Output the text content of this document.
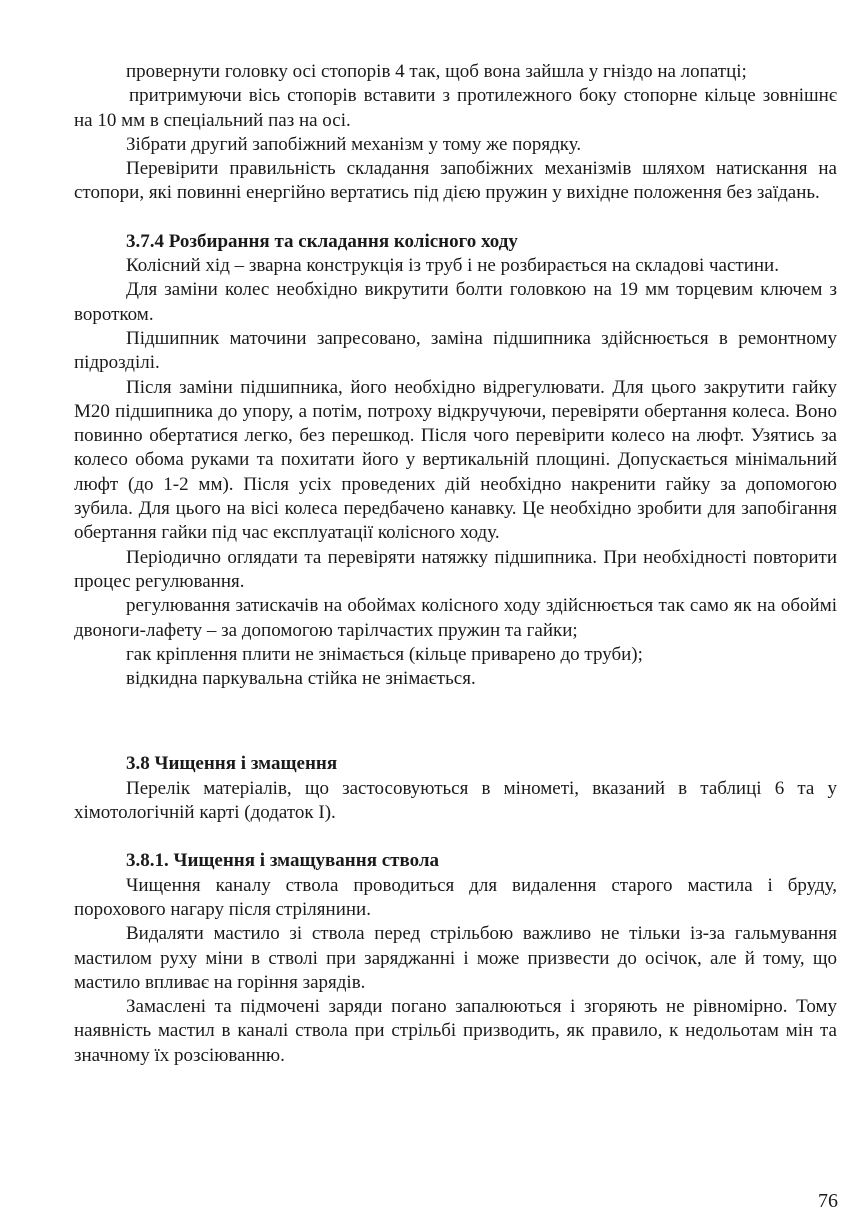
провернути головку осі стопорів 4 так, щоб вона зайшла у гніздо на лопатці;

притримуючи вісь стопорів вставити з протилежного боку стопорне кільце зовнішнє на 10 мм в спеціальний паз на осі.

Зібрати другий запобіжний механізм у тому же порядку.

Перевірити правильність складання запобіжних механізмів шляхом натискання на стопори, які повинні енергійно вертатись під дією пружин у вихідне положення без заїдань.

3.7.4 Розбирання та складання колісного ходу

Колісний хід – зварна конструкція із труб і не розбирається на складові частини.

Для заміни колес необхідно викрутити болти головкою на 19 мм торцевим ключем з воротком.

Підшипник маточини запресовано, заміна підшипника здійснюється в ремонтному підрозділі.

Після заміни підшипника, його необхідно відрегулювати. Для цього закрутити гайку М20 підшипника до упору, а потім, потроху відкручуючи, перевіряти обертання колеса. Воно повинно обертатися легко, без перешкод. Після чого перевірити колесо на люфт. Узятись за колесо обома руками та похитати його у вертикальній площині. Допускається мінімальний люфт (до 1-2 мм). Після усіх проведених дій необхідно накренити гайку за допомогою зубила. Для цього на вісі колеса передбачено канавку. Це необхідно зробити для запобігання обертання гайки під час експлуатації колісного ходу.

Періодично оглядати та перевіряти натяжку підшипника. При необхідності повторити процес регулювання.

регулювання затискачів на обоймах колісного ходу здійснюється так само як на обоймі двоноги-лафету – за допомогою тарілчастих пружин та гайки;

гак кріплення плити не знімається (кільце приварено до труби);

відкидна паркувальна стійка не знімається.

3.8 Чищення і змащення

Перелік матеріалів, що застосовуються в мінометі, вказаний в таблиці 6 та у хімотологічній карті (додаток І).

3.8.1. Чищення і змащування ствола

Чищення каналу ствола проводиться для видалення старого мастила і бруду, порохового нагару після стрілянини.

Видаляти мастило зі ствола перед стрільбою важливо не тільки із-за гальмування мастилом руху міни в стволі при заряджанні і може призвести до осічок, але й тому, що мастило впливає на горіння зарядів.

Замаслені та підмочені заряди погано запалюються і згоряють не рівномірно. Тому наявність мастил в каналі ствола при стрільбі призводить, як правило, к недольотам мін та значному їх розсіюванню.

76
